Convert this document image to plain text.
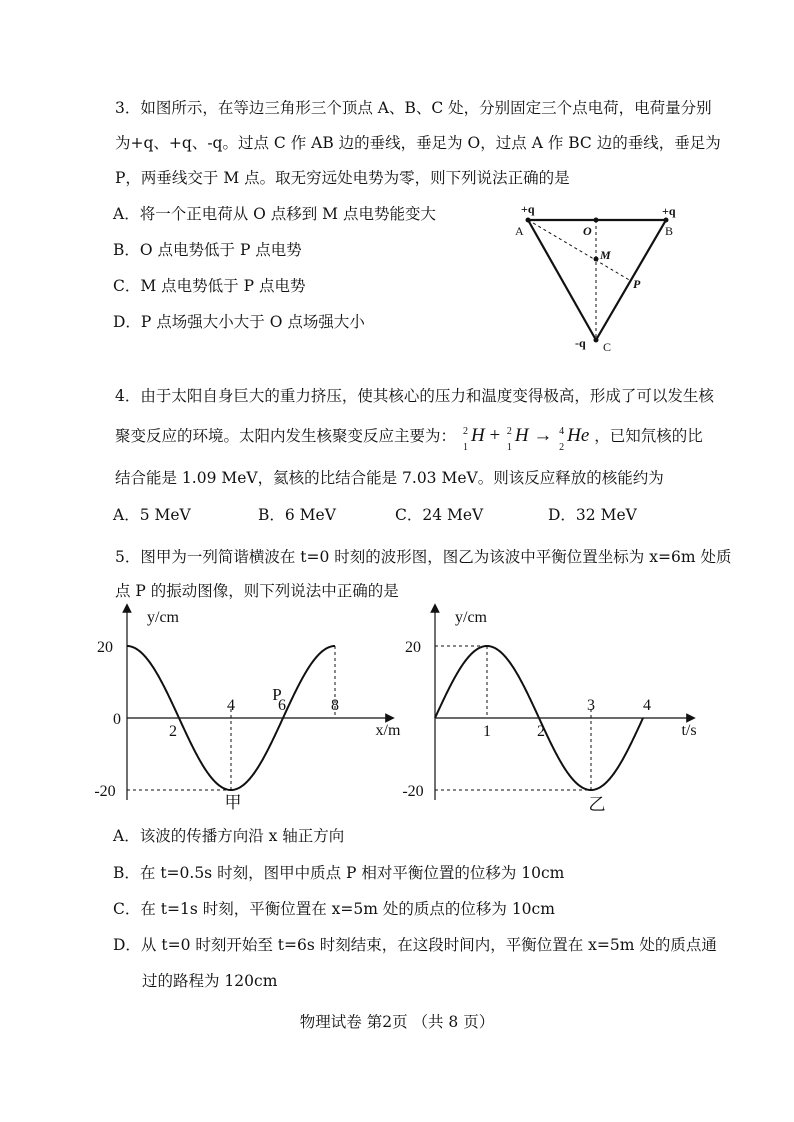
3．如图所示，在等边三角形三个顶点 A、B、C 处，分别固定三个点电荷，电荷量分别
为+q、+q、-q。过点 C 作 AB 边的垂线，垂足为 O，过点 A 作 BC 边的垂线，垂足为
P，两垂线交于 M 点。取无穷远处电势为零，则下列说法正确的是
A．将一个正电荷从 O 点移到 M 点电势能变大
B．O 点电势低于 P 点电势
C．M 点电势低于 P 点电势
D．P 点场强大小大于 O 点场强大小
+q	+q
-q
A	B
C
O
M
P
4．由于太阳自身巨大的重力挤压，使其核心的压力和温度变得极高，形成了可以发生核
聚变反应的环境。太阳内发生核聚变反应主要为： 2
1
H + 2
1
H → 4
2
He ，已知氘核的比
结合能是 1.09 MeV，氦核的比结合能是 7.03 MeV。则该反应释放的核能约为
A．5 MeV	B．6 MeV	C．24 MeV	D．32 MeV
5．图甲为一列简谐横波在 t=0 时刻的波形图，图乙为该波中平衡位置坐标为 x=6m 处质
点 P 的振动图像，则下列说法中正确的是
y/cm
x/m
20
0
-20
2
4	6	8
P
甲
y/cm
t/s
20
-20
1	2
3	4
乙
A．该波的传播方向沿 x 轴正方向
B．在 t=0.5s 时刻，图甲中质点 P 相对平衡位置的位移为 10cm
C．在 t=1s 时刻，平衡位置在 x=5m 处的质点的位移为 10cm
D．从 t=0 时刻开始至 t=6s 时刻结束，在这段时间内，平衡位置在 x=5m 处的质点通
过的路程为 120cm
物理试卷 第2页 （共 8 页）
